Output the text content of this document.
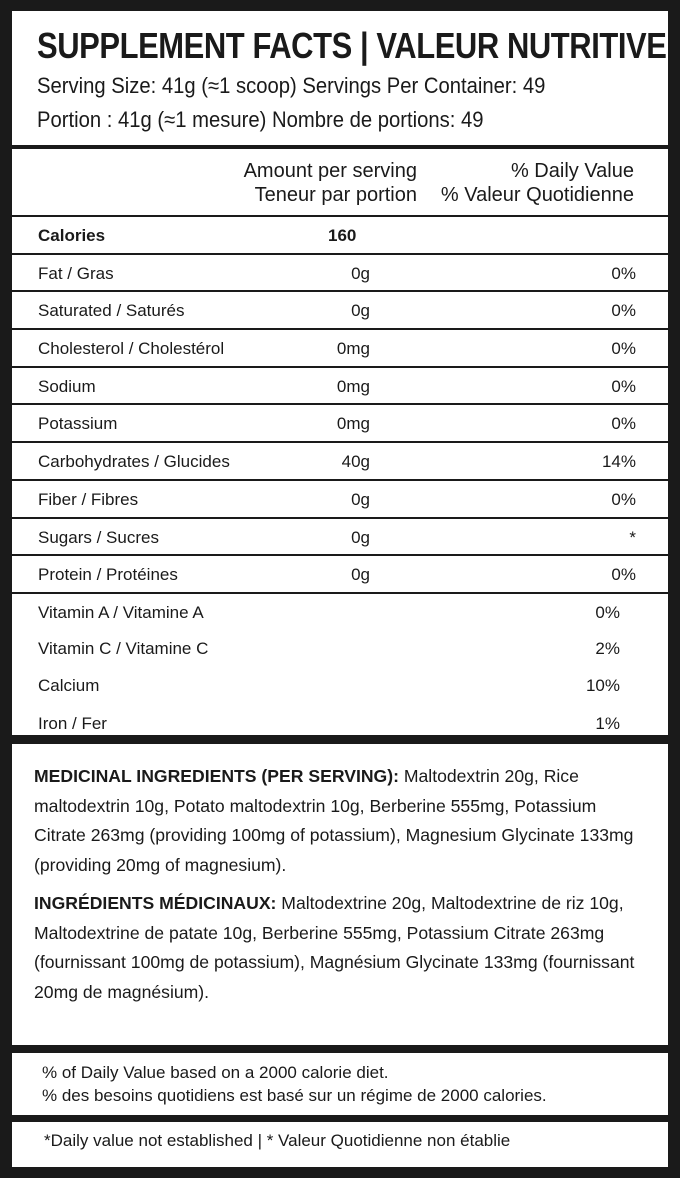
SUPPLEMENT FACTS | VALEUR NUTRITIVE
Serving Size: 41g (≈1 scoop) Servings Per Container: 49
Portion : 41g (≈1 mesure) Nombre de portions: 49
Amount per serving
Teneur par portion
% Daily Value
% Valeur Quotidienne
Calories	160
Fat / Gras	0g	0%
Saturated / Saturés	0g	0%
Cholesterol / Cholestérol	0mg	0%
Sodium	0mg	0%
Potassium	0mg	0%
Carbohydrates / Glucides	40g	14%
Fiber / Fibres	0g	0%
Sugars / Sucres	0g	*
Protein / Protéines	0g	0%
Vitamin A / Vitamine A	0%
Vitamin C / Vitamine C	2%
Calcium	10%
Iron / Fer	1%

MEDICINAL INGREDIENTS (PER SERVING): Maltodextrin 20g, Rice maltodextrin 10g, Potato maltodextrin 10g, Berberine 555mg, Potassium Citrate 263mg (providing 100mg of potassium), Magnesium Glycinate 133mg (providing 20mg of magnesium).

INGRÉDIENTS MÉDICINAUX: Maltodextrine 20g, Maltodextrine de riz 10g, Maltodextrine de patate 10g, Berberine 555mg, Potassium Citrate 263mg (fournissant 100mg de potassium), Magnésium Glycinate 133mg (fournissant 20mg de magnésium).

% of Daily Value based on a 2000 calorie diet.
% des besoins quotidiens est basé sur un régime de 2000 calories.
*Daily value not established | * Valeur Quotidienne non établie
